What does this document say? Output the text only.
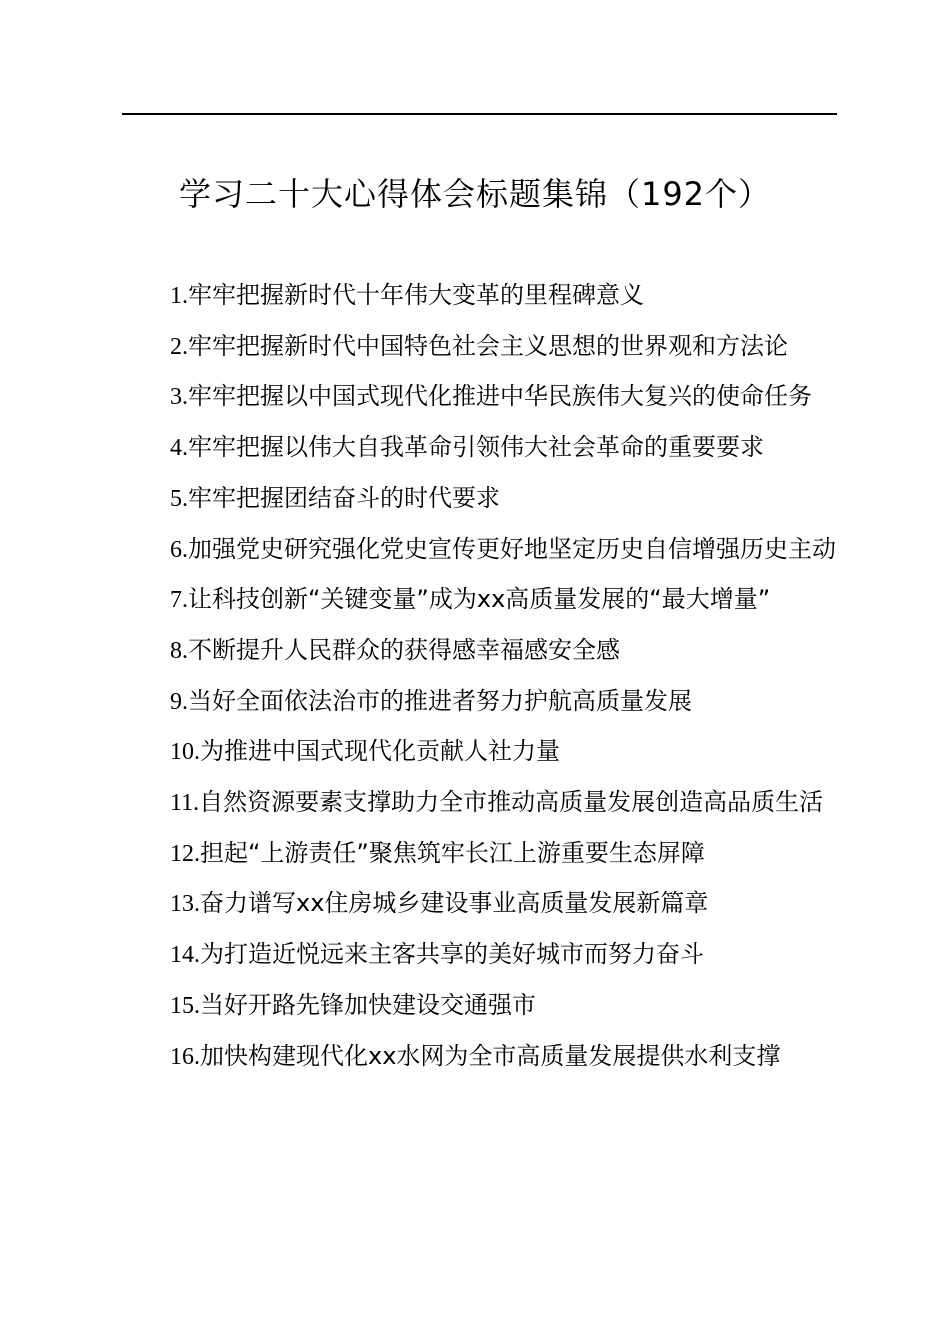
学习二十大心得体会标题集锦（192个）
1.牢牢把握新时代十年伟大变革的里程碑意义
2.牢牢把握新时代中国特色社会主义思想的世界观和方法论
3.牢牢把握以中国式现代化推进中华民族伟大复兴的使命任务
4.牢牢把握以伟大自我革命引领伟大社会革命的重要要求
5.牢牢把握团结奋斗的时代要求
6.加强党史研究强化党史宣传更好地坚定历史自信增强历史主动
7.让科技创新“关键变量”成为xx高质量发展的“最大增量”
8.不断提升人民群众的获得感幸福感安全感
9.当好全面依法治市的推进者努力护航高质量发展
10.为推进中国式现代化贡献人社力量
11.自然资源要素支撑助力全市推动高质量发展创造高品质生活
12.担起“上游责任”聚焦筑牢长江上游重要生态屏障
13.奋力谱写xx住房城乡建设事业高质量发展新篇章
14.为打造近悦远来主客共享的美好城市而努力奋斗
15.当好开路先锋加快建设交通强市
16.加快构建现代化xx水网为全市高质量发展提供水利支撑
